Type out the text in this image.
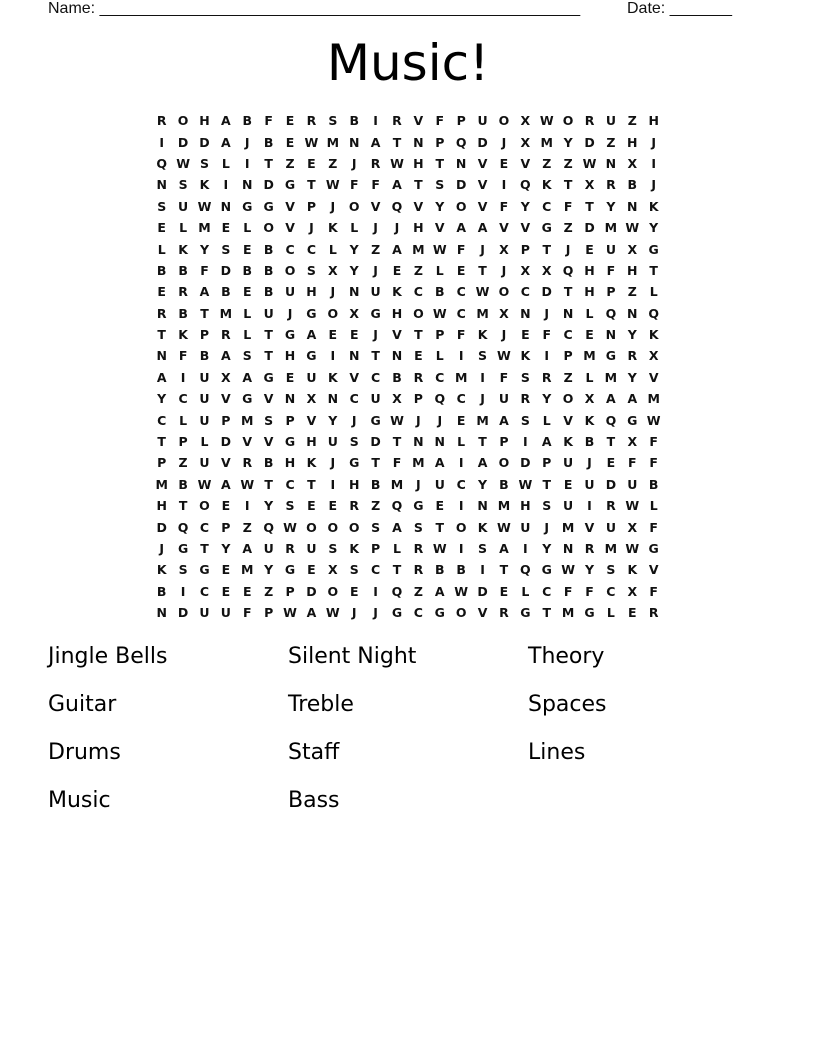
Name: ______________________________________________________	Date: _______
Music!
R O H A B F	E R S B	I	R V F	P U O X W O R U Z H
I	D D A	J	B E W M N A T N P Q D	J	X M Y D Z H	J
Q W S	L	I	T	Z	E	Z	J	R W H T N V E V Z Z W N X	I
N S K	I	N D G T W F	F A T	S D V	I	Q K T X R B	J
S U W N G G V P	J	O V Q V Y O V F	Y C	F	T	Y N K
E	L M E	L O V	J	K	L	J	J	H V A A V V G Z D M W Y
L	K Y S	E B C C	L	Y Z A M W F	J	X P	T	J	E U X G
B B F D B B O S X Y	J	E	Z	L	E	T	J	X X Q H F H T
E R A B E B U H	J	N U K C B C W O C D T H P Z	L
R B T M L U	J	G O X G H O W C M X N	J	N L Q N Q
T K P R	L	T G A E	E	J	V T	P	F K	J	E	F	C	E N Y K
N F B A S	T H G	I	N T N E	L	I	S W K	I	P M G R X
A	I	U X A G E U K V C B R C M	I	F	S R Z	L M Y V
Y C U V G V N X N C U X P Q C	J	U R Y O X A A M
C	L U P M S P V Y	J	G W J	J	E M A S	L	V K Q G W
T	P	L D V V G H U S D T N N L	T	P	I	A K B T X F
P Z U V R B H K	J	G T	F M A	I	A O D P U	J	E	F	F
M B W A W T	C	T	I	H B M	J	U C Y B W T	E U D U B
H T O E	I	Y S	E	E R Z Q G E	I	N M H S U	I	R W L
D Q C P Z Q W O O O S A S	T O K W U	J	M V U X F
J	G T	Y A U R U S K P	L	R W I	S A	I	Y N R M W G
K S G E M Y G E X S C	T R B B	I	T Q G W Y S K V
B	I	C	E	E	Z P D O E	I	Q Z A W D E	L	C	F	F	C X F
N D U U F	P W A W J	J	G C G O V R G T M G L	E R
Jingle Bells	Silent Night	Theory
Guitar	Treble	Spaces
Drums	Staff	Lines
Music	Bass
